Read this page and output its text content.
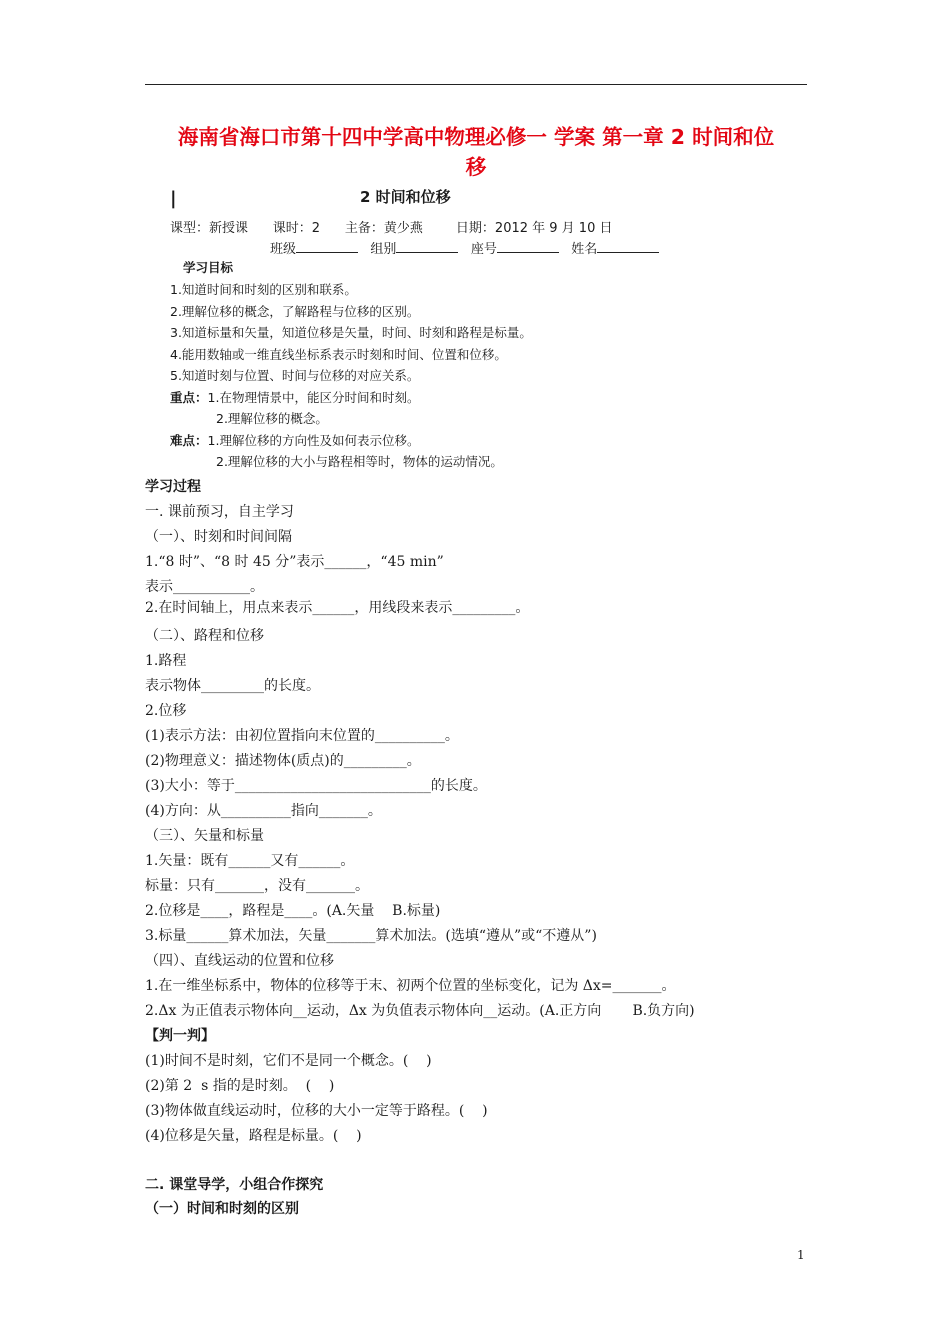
海南省海口市第十四中学高中物理必修一 学案 第一章 2 时间和位
移
|	2 时间和位移
课型：新授课      课时：2      主备：黄少燕        日期：2012 年 9 月 10 日
班级	组别	座号	姓名
学习目标
1.知道时间和时刻的区别和联系。
2.理解位移的概念，了解路程与位移的区别。
3.知道标量和矢量，知道位移是矢量，时间、时刻和路程是标量。
4.能用数轴或一维直线坐标系表示时刻和时间、位置和位移。
5.知道时刻与位置、时间与位移的对应关系。
重点：1.在物理情景中，能区分时间和时刻。
2.理解位移的概念。
难点：1.理解位移的方向性及如何表示位移。
2.理解位移的大小与路程相等时，物体的运动情况。
学习过程
一. 课前预习，自主学习
（一）、时刻和时间间隔
1.“8 时”、“8 时 45 分”表示______，“45 min”
表示___________。
2.在时间轴上，用点来表示______，用线段来表示_________。
（二）、路程和位移
1.路程
表示物体_________的长度。
2.位移
(1)表示方法：由初位置指向末位置的__________。
(2)物理意义：描述物体(质点)的_________。
(3)大小：等于____________________________的长度。
(4)方向：从__________指向_______。
（三）、矢量和标量
1.矢量：既有______又有______。
标量：只有_______，没有_______。
2.位移是____，路程是____。(A.矢量    B.标量)
3.标量______算术加法，矢量_______算术加法。(选填“遵从”或“不遵从”)
（四）、直线运动的位置和位移
1.在一维坐标系中，物体的位移等于末、初两个位置的坐标变化，记为 Δx=_______。
2.Δx 为正值表示物体向__运动，Δx 为负值表示物体向__运动。(A.正方向       B.负方向)
【判一判】
(1)时间不是时刻，它们不是同一个概念。(    )
(2)第 2  s 指的是时刻。  (    )
(3)物体做直线运动时，位移的大小一定等于路程。(    )
(4)位移是矢量，路程是标量。(    )
二. 课堂导学，小组合作探究
（一）时间和时刻的区别
1
